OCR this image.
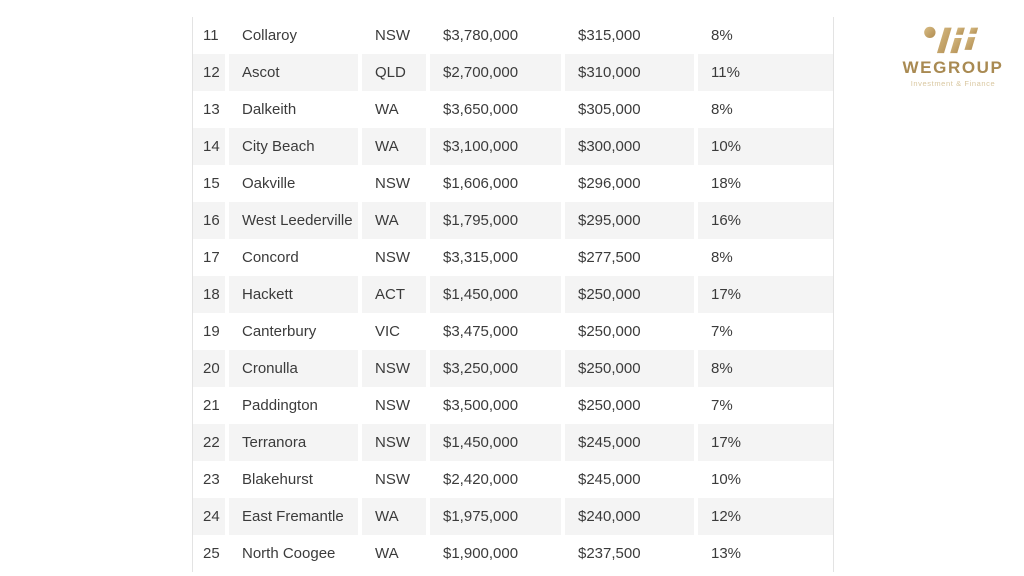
11	Collaroy	NSW	$3,780,000	$315,000	8%
12	Ascot	QLD	$2,700,000	$310,000	11%
13	Dalkeith	WA	$3,650,000	$305,000	8%
14	City Beach	WA	$3,100,000	$300,000	10%
15	Oakville	NSW	$1,606,000	$296,000	18%
16	West Leederville	WA	$1,795,000	$295,000	16%
17	Concord	NSW	$3,315,000	$277,500	8%
18	Hackett	ACT	$1,450,000	$250,000	17%
19	Canterbury	VIC	$3,475,000	$250,000	7%
20	Cronulla	NSW	$3,250,000	$250,000	8%
21	Paddington	NSW	$3,500,000	$250,000	7%
22	Terranora	NSW	$1,450,000	$245,000	17%
23	Blakehurst	NSW	$2,420,000	$245,000	10%
24	East Fremantle	WA	$1,975,000	$240,000	12%
25	North Coogee	WA	$1,900,000	$237,500	13%
WEGROUP
Investment & Finance
